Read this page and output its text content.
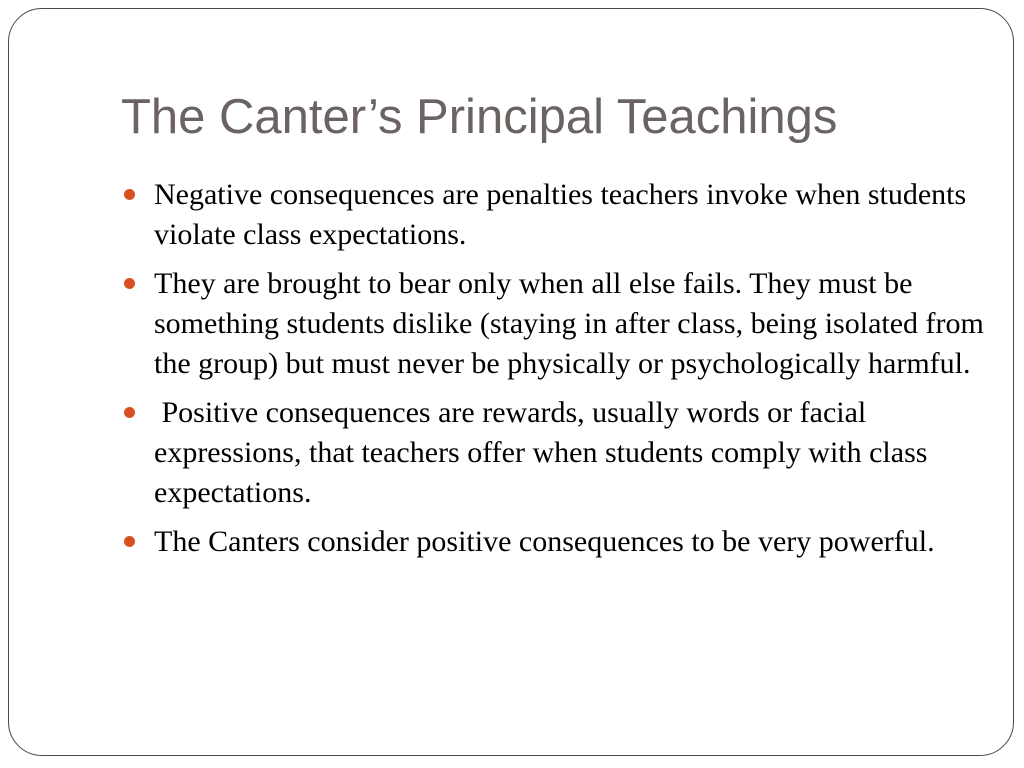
The Canter’s Principal Teachings
Negative consequences are penalties teachers invoke when students violate class expectations.
They are brought to bear only when all else fails. They must be something students dislike (staying in after class, being isolated from the group) but must never be physically or psychologically harmful.
Positive consequences are rewards, usually words or facial expressions, that teachers offer when students comply with class expectations.
The Canters consider positive consequences to be very powerful.
